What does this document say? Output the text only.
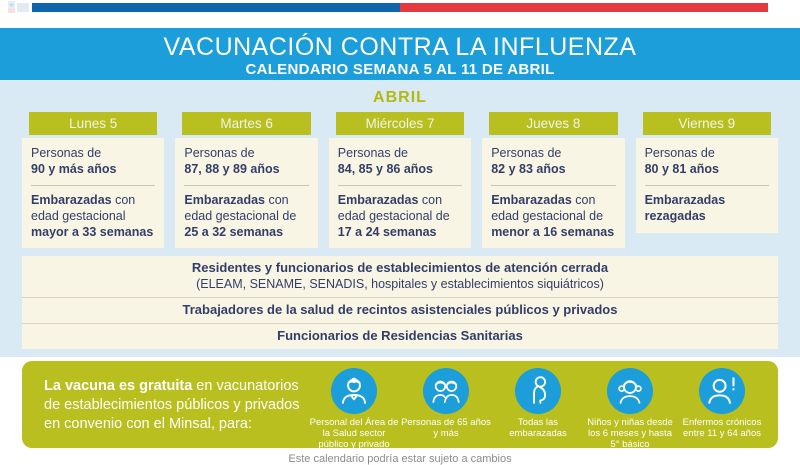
VACUNACIÓN CONTRA LA INFLUENZA
CALENDARIO SEMANA 5 AL 11 DE ABRIL
ABRIL
Lunes 5

Personas de
90 y más años

Embarazadas con edad gestacional mayor a 33 semanas

Martes 6

Personas de
87, 88 y 89 años

Embarazadas con edad gestacional de 25 a 32 semanas

Miércoles 7

Personas de
84, 85 y 86 años

Embarazadas con edad gestacional de 17 a 24 semanas

Jueves 8

Personas de
82 y 83 años

Embarazadas con edad gestacional de menor a 16 semanas

Viernes 9

Personas de
80 y 81 años

Embarazadas rezagadas

Residentes y funcionarios de establecimientos de atención cerrada
(ELEAM, SENAME, SENADIS, hospitales y establecimientos siquiátricos)
Trabajadores de la salud de recintos asistenciales públicos y privados
Funcionarios de Residencias Sanitarias
La vacuna es gratuita en vacunatorios de establecimientos públicos y privados en convenio con el Minsal, para:	Personal del Área de la Salud sector público y privado
Personas de 65 años y más
Todas las embarazadas
Niños y niñas desde los 6 meses y hasta 5° básico
Enfermos crónicos entre 11 y 64 años
Este calendario podría estar sujeto a cambios
